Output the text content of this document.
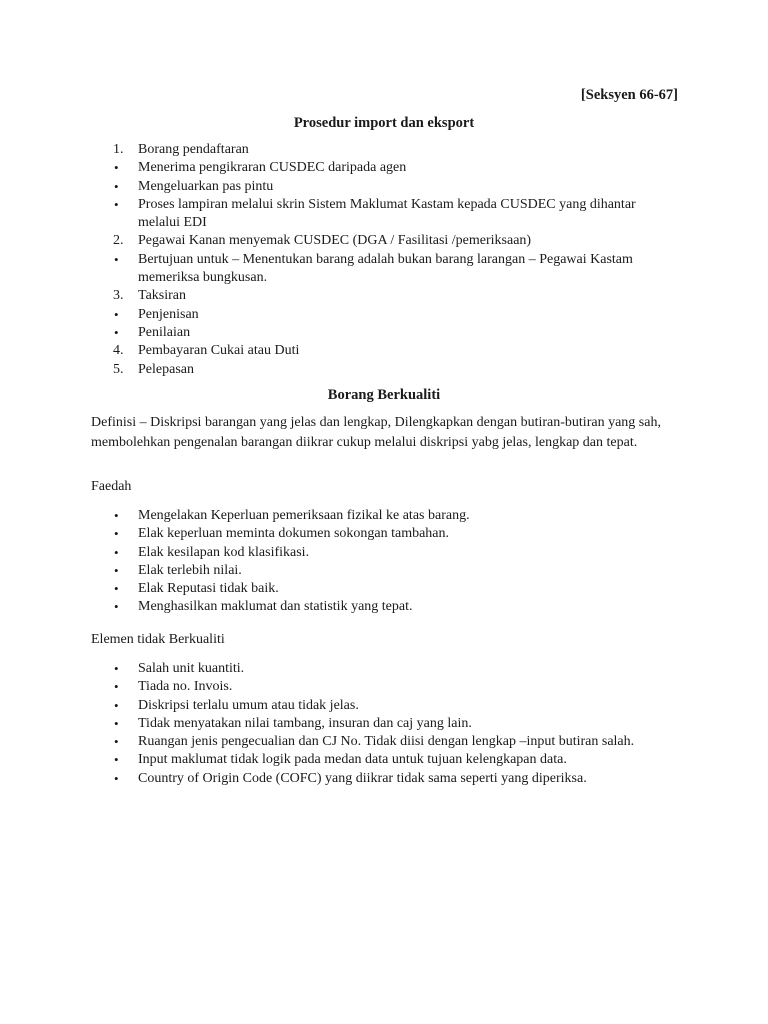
[Seksyen 66-67]
Prosedur import dan eksport
1. Borang pendaftaran
• Menerima pengikraran CUSDEC daripada agen
• Mengeluarkan pas pintu
• Proses lampiran melalui skrin Sistem Maklumat Kastam kepada CUSDEC yang dihantar melalui EDI
2. Pegawai Kanan menyemak CUSDEC (DGA / Fasilitasi /pemeriksaan)
• Bertujuan untuk – Menentukan barang adalah bukan barang larangan – Pegawai Kastam memeriksa bungkusan.
3. Taksiran
• Penjenisan
• Penilaian
4. Pembayaran Cukai atau Duti
5. Pelepasan
Borang Berkualiti

Definisi – Diskripsi barangan yang jelas dan lengkap, Dilengkapkan dengan butiran-butiran yang sah, membolehkan pengenalan barangan diikrar cukup melalui diskripsi yabg jelas, lengkap dan tepat.

Faedah

• Mengelakan Keperluan pemeriksaan fizikal ke atas barang.
• Elak keperluan meminta dokumen sokongan tambahan.
• Elak kesilapan kod klasifikasi.
• Elak terlebih nilai.
• Elak Reputasi tidak baik.
• Menghasilkan maklumat dan statistik yang tepat.

Elemen tidak Berkualiti

• Salah unit kuantiti.
• Tiada no. Invois.
• Diskripsi terlalu umum atau tidak jelas.
• Tidak menyatakan nilai tambang, insuran dan caj yang lain.
• Ruangan jenis pengecualian dan CJ No. Tidak diisi dengan lengkap –input butiran salah.
• Input maklumat tidak logik pada medan data untuk tujuan kelengkapan data.
• Country of Origin Code (COFC) yang diikrar tidak sama seperti yang diperiksa.
